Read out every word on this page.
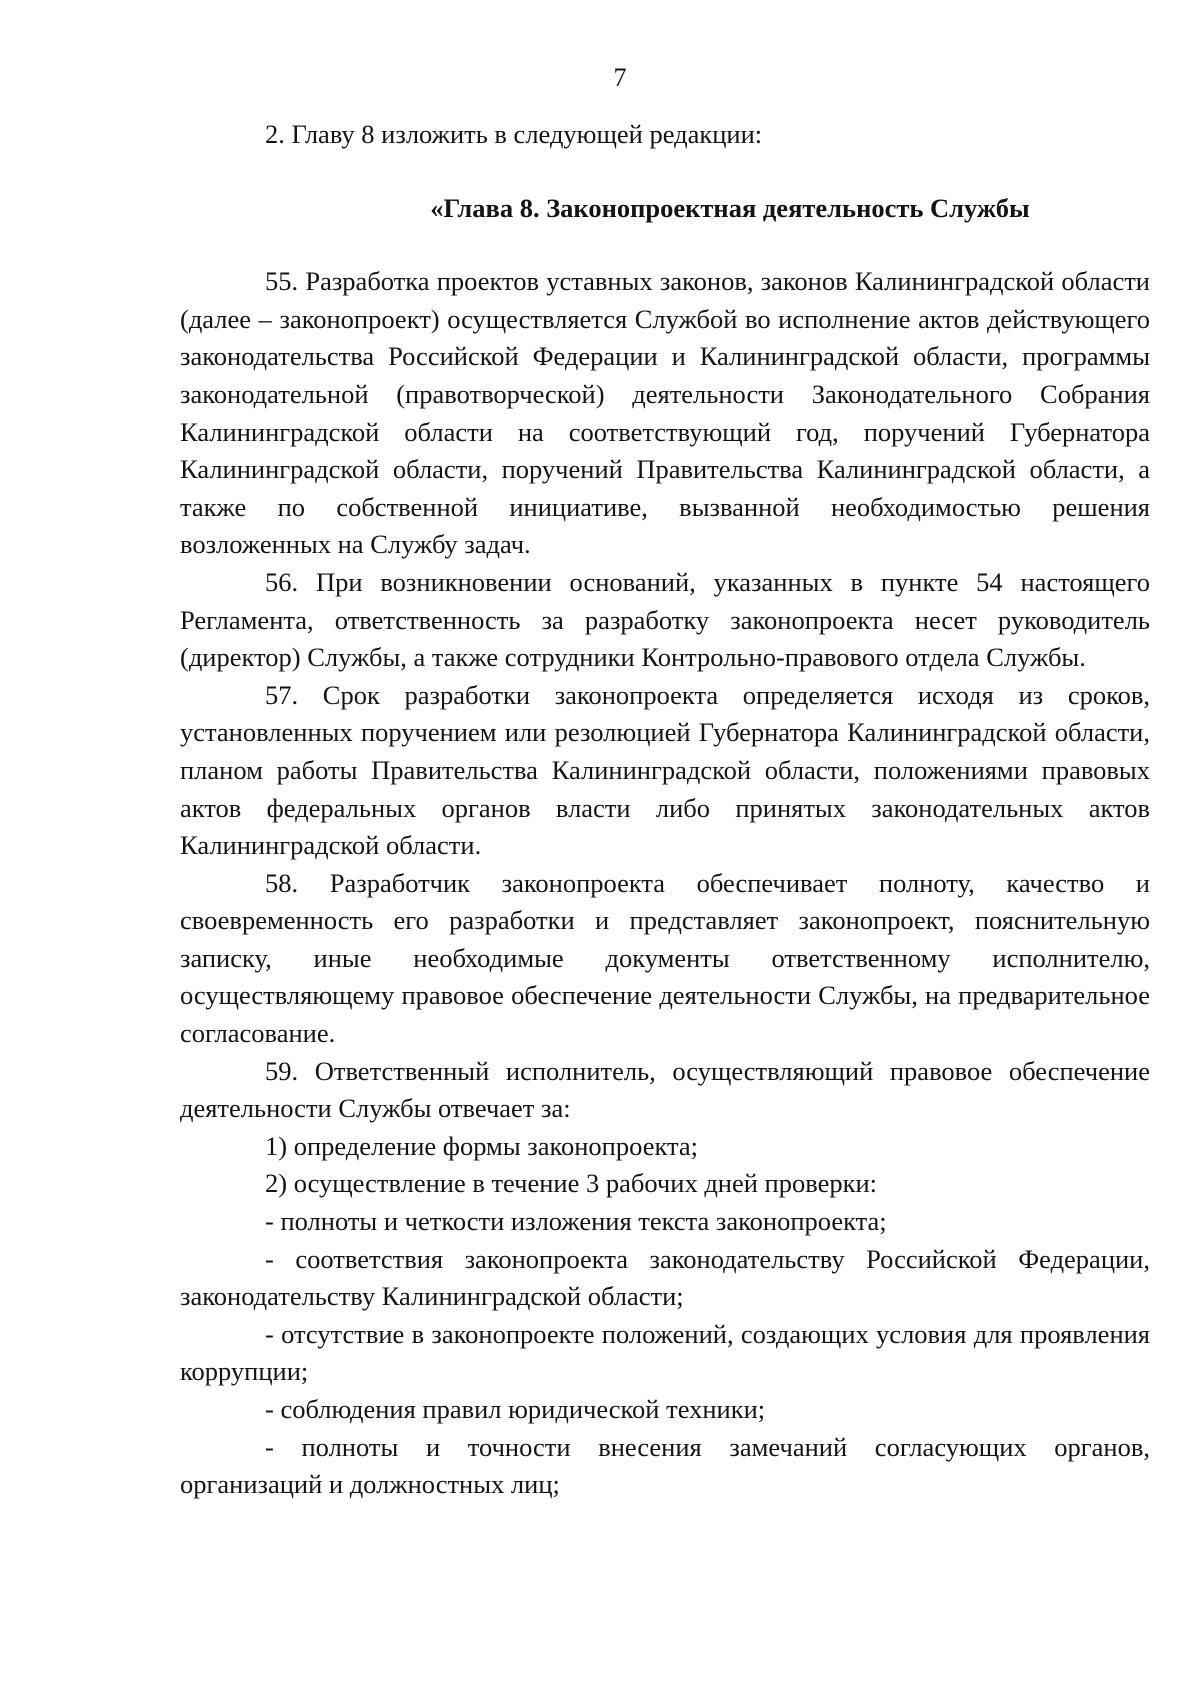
7

2. Главу 8 изложить в следующей редакции:

«Глава 8. Законопроектная деятельность Службы

55. Разработка проектов уставных законов, законов Калининградской области (далее – законопроект) осуществляется Службой во исполнение актов действующего законодательства Российской Федерации и Калининградской области, программы законодательной (правотворческой) деятельности Законодательного Собрания Калининградской области на соответствующий год, поручений Губернатора Калининградской области, поручений Правительства Калининградской области, а также по собственной инициативе, вызванной необходимостью решения возложенных на Службу задач.

56. При возникновении оснований, указанных в пункте 54 настоящего Регламента, ответственность за разработку законопроекта несет руководитель (директор) Службы, а также сотрудники Контрольно-правового отдела Службы.

57. Срок разработки законопроекта определяется исходя из сроков, установленных поручением или резолюцией Губернатора Калининградской области, планом работы Правительства Калининградской области, положениями правовых актов федеральных органов власти либо принятых законодательных актов Калининградской области.

58. Разработчик законопроекта обеспечивает полноту, качество и своевременность его разработки и представляет законопроект, пояснительную записку, иные необходимые документы ответственному исполнителю, осуществляющему правовое обеспечение деятельности Службы, на предварительное согласование.

59. Ответственный исполнитель, осуществляющий правовое обеспечение деятельности Службы отвечает за:

1) определение формы законопроекта;

2) осуществление в течение 3 рабочих дней проверки:

- полноты и четкости изложения текста законопроекта;

- соответствия законопроекта законодательству Российской Федерации, законодательству Калининградской области;

- отсутствие в законопроекте положений, создающих условия для проявления коррупции;

- соблюдения правил юридической техники;

- полноты и точности внесения замечаний согласующих органов, организаций и должностных лиц;
